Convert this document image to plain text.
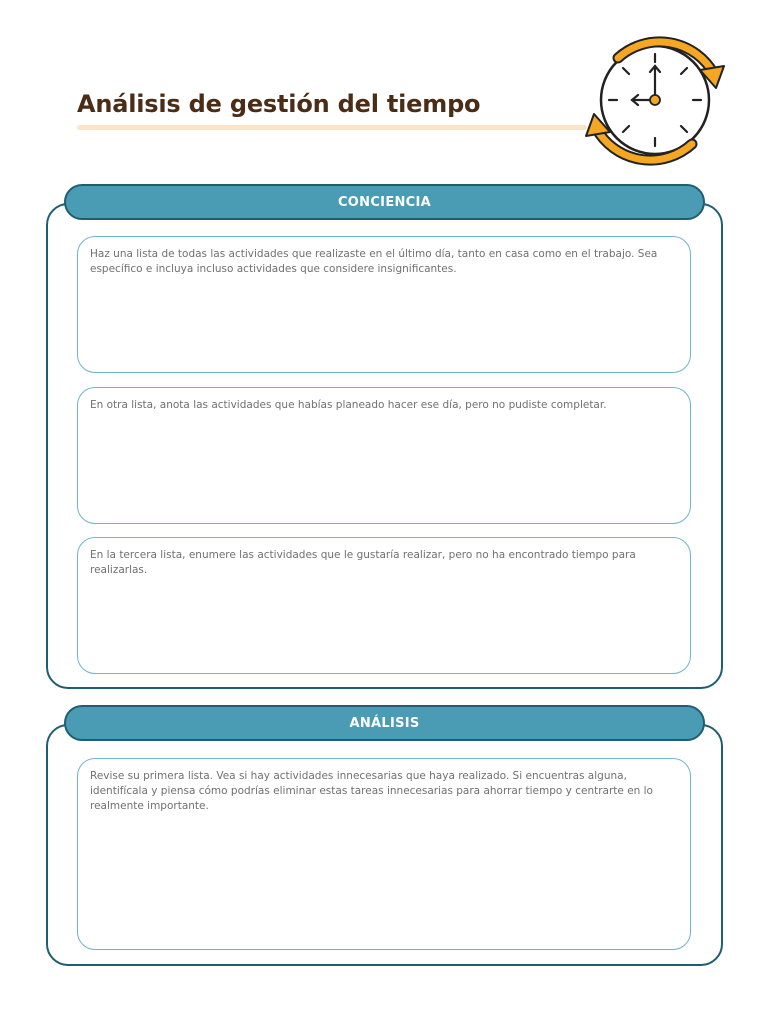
Análisis de gestión del tiempo
CONCIENCIA

Haz una lista de todas las actividades que realizaste en el último día, tanto en casa como en el trabajo. Sea específico e incluya incluso actividades que considere insignificantes.

En otra lista, anota las actividades que habías planeado hacer ese día, pero no pudiste completar.

En la tercera lista, enumere las actividades que le gustaría realizar, pero no ha encontrado tiempo para realizarlas.

ANÁLISIS

Revise su primera lista. Vea si hay actividades innecesarias que haya realizado. Si encuentras alguna, identifícala y piensa cómo podrías eliminar estas tareas innecesarias para ahorrar tiempo y centrarte en lo realmente importante.
